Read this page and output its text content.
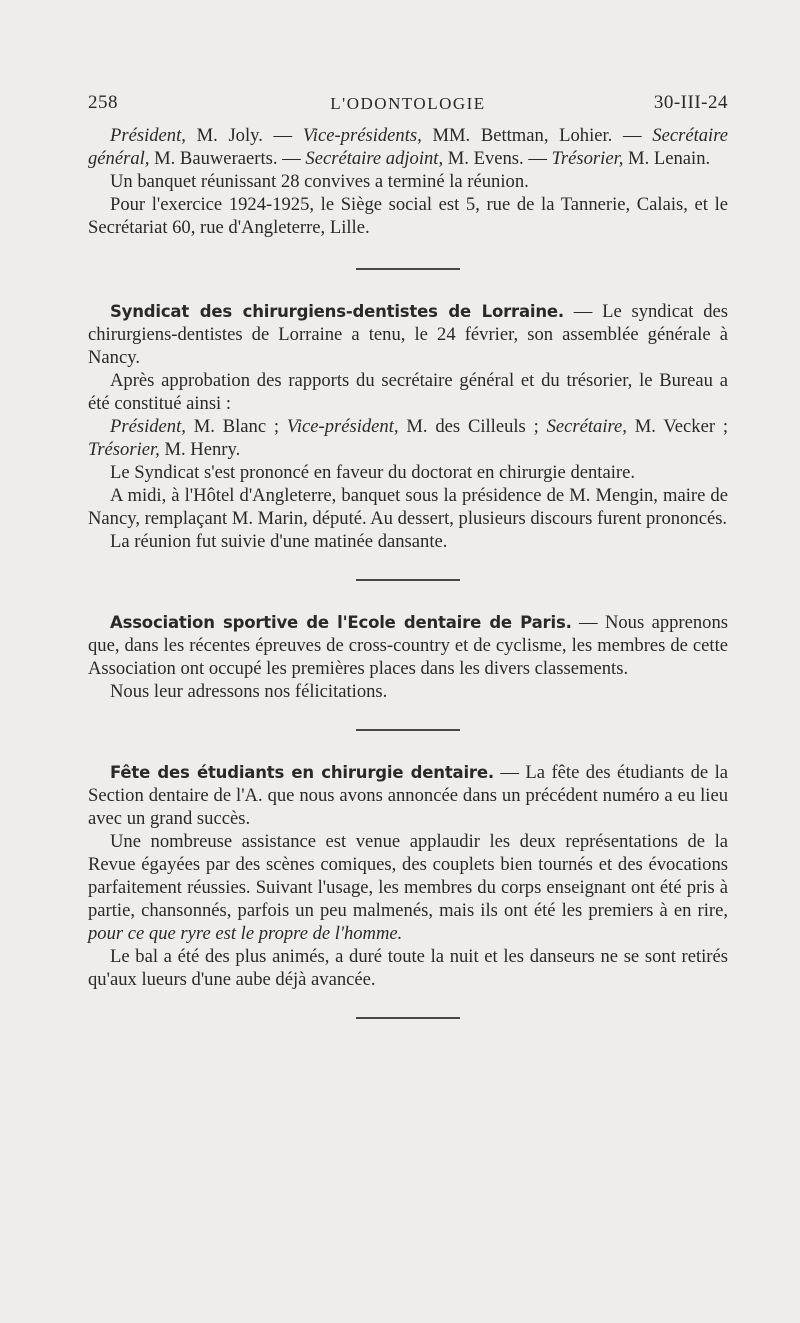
258	L'ODONTOLOGIE	30-III-24

Président, M. Joly. — Vice-présidents, MM. Bettman, Lohier. — Secrétaire général, M. Bauweraerts. — Secrétaire adjoint, M. Evens. — Trésorier, M. Lenain.

Un banquet réunissant 28 convives a terminé la réunion.

Pour l'exercice 1924-1925, le Siège social est 5, rue de la Tannerie, Calais, et le Secrétariat 60, rue d'Angleterre, Lille.

Syndicat des chirurgiens-dentistes de Lorraine. — Le syndicat des chirurgiens-dentistes de Lorraine a tenu, le 24 février, son assemblée générale à Nancy.

Après approbation des rapports du secrétaire général et du trésorier, le Bureau a été constitué ainsi :

Président, M. Blanc ; Vice-président, M. des Cilleuls ; Secrétaire, M. Vecker ; Trésorier, M. Henry.

Le Syndicat s'est prononcé en faveur du doctorat en chirurgie dentaire.

A midi, à l'Hôtel d'Angleterre, banquet sous la présidence de M. Mengin, maire de Nancy, remplaçant M. Marin, député. Au dessert, plusieurs discours furent prononcés.

La réunion fut suivie d'une matinée dansante.

Association sportive de l'Ecole dentaire de Paris. — Nous apprenons que, dans les récentes épreuves de cross-country et de cyclisme, les membres de cette Association ont occupé les premières places dans les divers classements.

Nous leur adressons nos félicitations.

Fête des étudiants en chirurgie dentaire. — La fête des étudiants de la Section dentaire de l'A. que nous avons annoncée dans un précédent numéro a eu lieu avec un grand succès.

Une nombreuse assistance est venue applaudir les deux représentations de la Revue égayées par des scènes comiques, des couplets bien tournés et des évocations parfaitement réussies. Suivant l'usage, les membres du corps enseignant ont été pris à partie, chansonnés, parfois un peu malmenés, mais ils ont été les premiers à en rire, pour ce que ryre est le propre de l'homme.

Le bal a été des plus animés, a duré toute la nuit et les danseurs ne se sont retirés qu'aux lueurs d'une aube déjà avancée.
